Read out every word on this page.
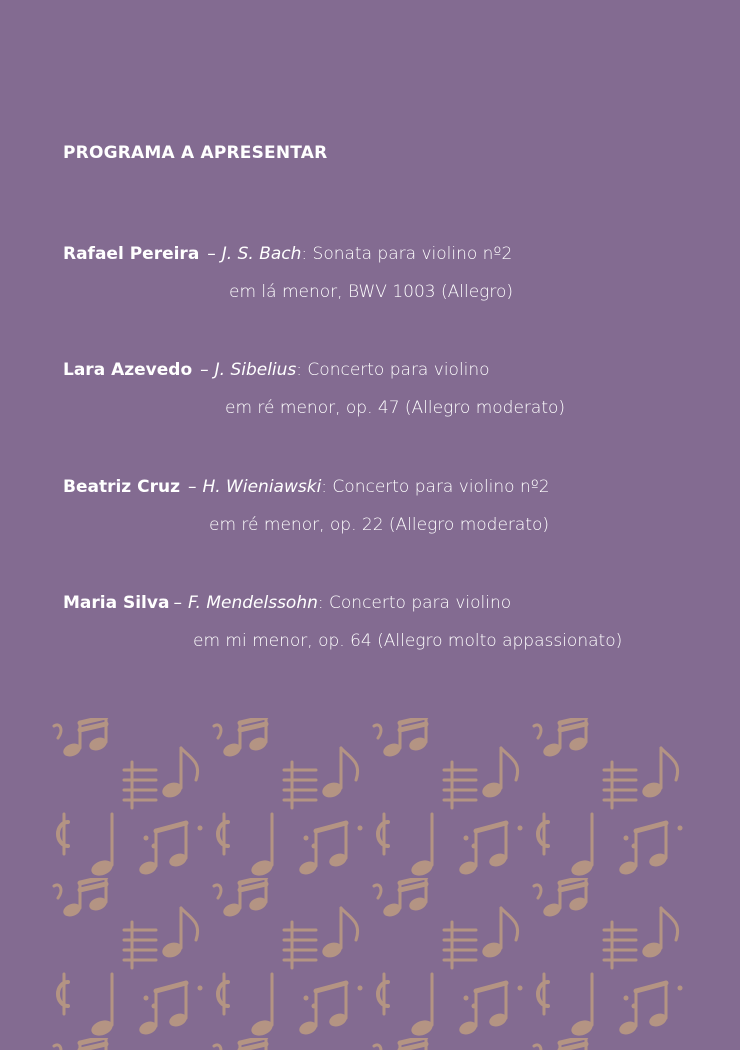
PROGRAMA A APRESENTAR
Rafael Pereira – J. S. Bach: Sonata para violino nº2
em lá menor, BWV 1003 (Allegro)
Lara Azevedo – J. Sibelius: Concerto para violino
em ré menor, op. 47 (Allegro moderato)
Beatriz Cruz – H. Wieniawski: Concerto para violino nº2
em ré menor, op. 22 (Allegro moderato)
Maria Silva – F. Mendelssohn: Concerto para violino
em mi menor, op. 64 (Allegro molto appassionato)
